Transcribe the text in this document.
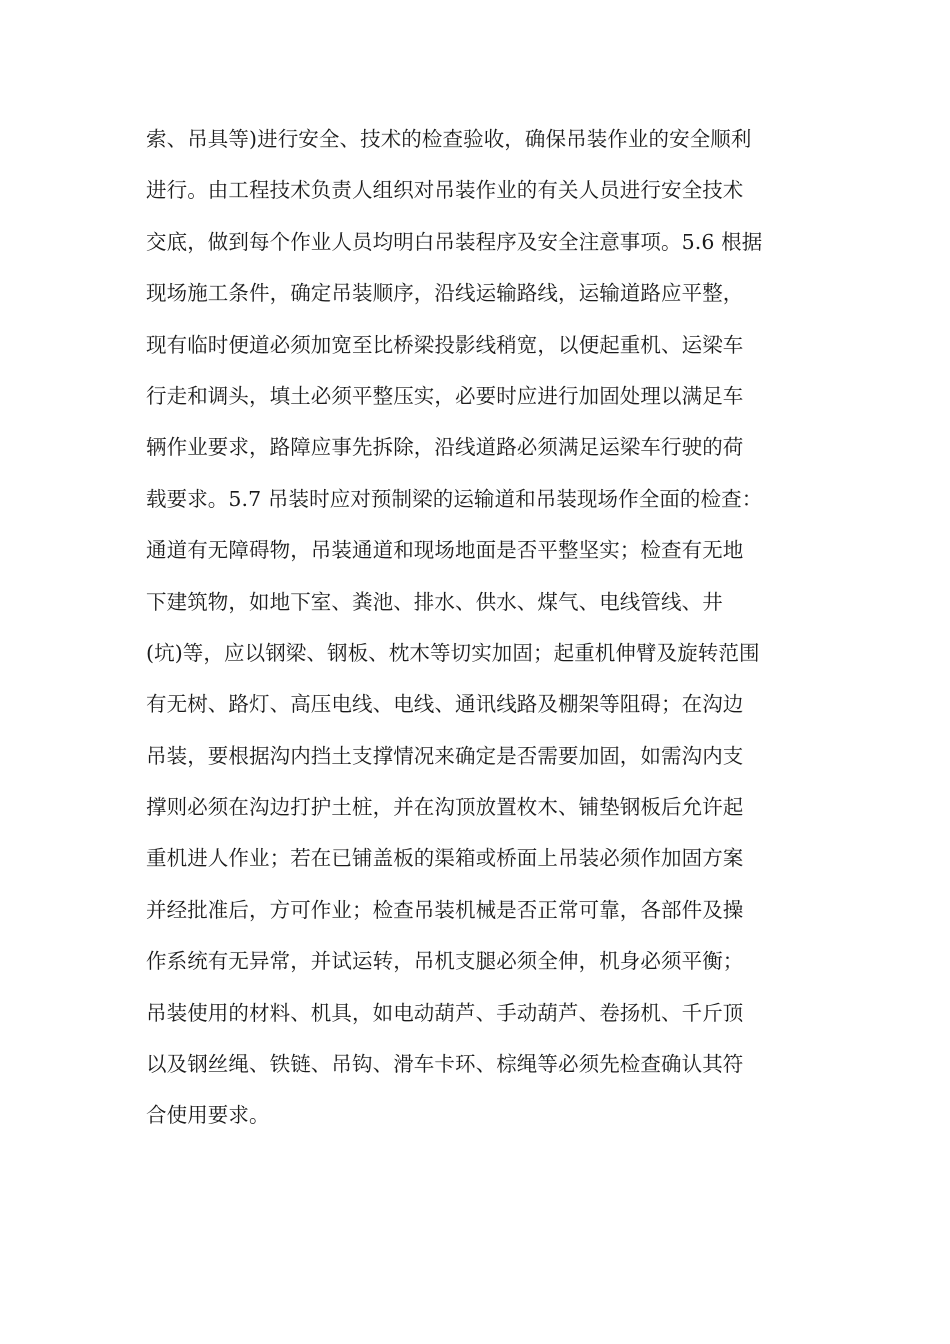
索、吊具等)进行安全、技术的检查验收，确保吊装作业的安全顺利
进行。由工程技术负责人组织对吊装作业的有关人员进行安全技术
交底，做到每个作业人员均明白吊装程序及安全注意事项。5.6 根据
现场施工条件，确定吊装顺序，沿线运输路线，运输道路应平整，
现有临时便道必须加宽至比桥梁投影线稍宽，以便起重机、运梁车
行走和调头，填土必须平整压实，必要时应进行加固处理以满足车
辆作业要求，路障应事先拆除，沿线道路必须满足运梁车行驶的荷
载要求。5.7 吊装时应对预制梁的运输道和吊装现场作全面的检查：
通道有无障碍物，吊装通道和现场地面是否平整坚实；检查有无地
下建筑物，如地下室、粪池、排水、供水、煤气、电线管线、井
(坑)等，应以钢梁、钢板、枕木等切实加固；起重机伸臂及旋转范围
有无树、路灯、高压电线、电线、通讯线路及棚架等阻碍；在沟边
吊装，要根据沟内挡土支撑情况来确定是否需要加固，如需沟内支
撑则必须在沟边打护土桩，并在沟顶放置枚木、铺垫钢板后允许起
重机进人作业；若在已铺盖板的渠箱或桥面上吊装必须作加固方案
并经批准后，方可作业；检查吊装机械是否正常可靠，各部件及操
作系统有无异常，并试运转，吊机支腿必须全伸，机身必须平衡；
吊装使用的材料、机具，如电动葫芦、手动葫芦、卷扬机、千斤顶
以及钢丝绳、铁链、吊钩、滑车卡环、棕绳等必须先检查确认其符
合使用要求。
